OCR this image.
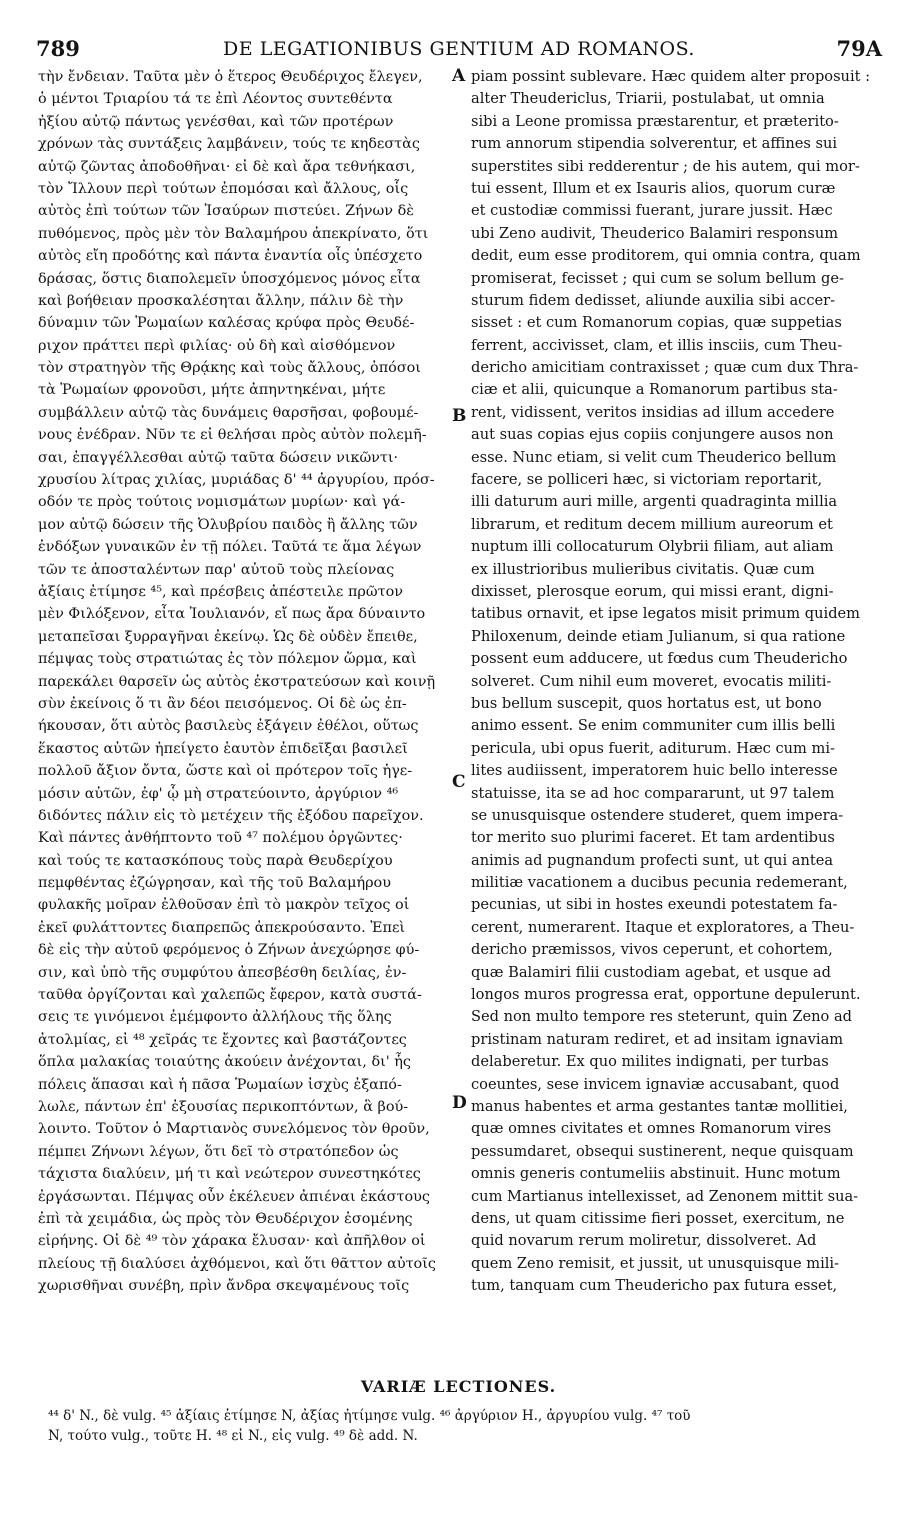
789	DE LEGATIONIBUS GENTIUM AD ROMANOS.	79Α
τὴν ἔνδειαν. Ταῦτα μὲν ὁ ἕτερος Θευδέριχος ἔλεγεν,
ὁ μέντοι Τριαρίου τά τε ἐπὶ Λέοντος συντεθέντα
ἠξίου αὐτῷ πάντως γενέσθαι, καὶ τῶν προτέρων
χρόνων τὰς συντάξεις λαμβάνειν, τούς τε κηδεστὰς
αὐτῷ ζῶντας ἀποδοθῆναι· εἰ δὲ καὶ ἄρα τεθνήκασι,
τὸν Ἴλλουν περὶ τούτων ἐπομόσαι καὶ ἄλλους, οἷς
αὐτὸς ἐπὶ τούτων τῶν Ἰσαύρων πιστεύει. Ζήνων δὲ
πυθόμενος, πρὸς μὲν τὸν Βαλαμήρου ἀπεκρίνατο, ὅτι
αὐτὸς εἴη προδότης καὶ πάντα ἐναντία οἷς ὑπέσχετο
δράσας, ὅστις διαπολεμεῖν ὑποσχόμενος μόνος εἶτα
καὶ βοήθειαν προσκαλέσηται ἄλλην, πάλιν δὲ τὴν
δύναμιν τῶν Ῥωμαίων καλέσας κρύφα πρὸς Θευδέ-
ριχον πράττει περὶ φιλίας· οὐ δὴ καὶ αἰσθόμενον
τὸν στρατηγὸν τῆς Θρᾴκης καὶ τοὺς ἄλλους, ὁπόσοι
τὰ Ῥωμαίων φρονοῦσι, μήτε ἀπηντηκέναι, μήτε
συμβάλλειν αὐτῷ τὰς δυνάμεις θαρσῆσαι, φοβουμέ-
νους ἐνέδραν. Νῦν τε εἰ θελήσαι πρὸς αὐτὸν πολεμῆ-
σαι, ἐπαγγέλλεσθαι αὐτῷ ταῦτα δώσειν νικῶντι·
χρυσίου λίτρας χιλίας, μυριάδας δ' ⁴⁴ ἀργυρίου, πρόσ-
οδόν τε πρὸς τούτοις νομισμάτων μυρίων· καὶ γά-
μον αὐτῷ δώσειν τῆς Ὀλυβρίου παιδὸς ἢ ἄλλης τῶν
ἐνδόξων γυναικῶν ἐν τῇ πόλει. Ταῦτά τε ἅμα λέγων
τῶν τε ἀποσταλέντων παρ' αὐτοῦ τοὺς πλείονας
ἀξίαις ἐτίμησε ⁴⁵, καὶ πρέσβεις ἀπέστειλε πρῶτον
μὲν Φιλόξενον, εἶτα Ἰουλιανόν, εἴ πως ἄρα δύναιντο
μεταπεῖσαι ξυρραγῆναι ἐκείνῳ. Ὡς δὲ οὐδὲν ἔπειθε,
πέμψας τοὺς στρατιώτας ἐς τὸν πόλεμον ὥρμα, καὶ
παρεκάλει θαρσεῖν ὡς αὐτὸς ἐκστρατεύσων καὶ κοινῇ
σὺν ἐκείνοις ὅ τι ἂν δέοι πεισόμενος. Οἱ δὲ ὡς ἐπ-
ήκουσαν, ὅτι αὐτὸς βασιλεὺς ἐξάγειν ἐθέλοι, οὕτως
ἕκαστος αὐτῶν ἠπείγετο ἑαυτὸν ἐπιδεῖξαι βασιλεῖ
πολλοῦ ἄξιον ὄντα, ὥστε καὶ οἱ πρότερον τοῖς ἡγε-
μόσιν αὐτῶν, ἐφ' ᾧ μὴ στρατεύοιντο, ἀργύριον ⁴⁶
διδόντες πάλιν εἰς τὸ μετέχειν τῆς ἐξόδου παρεῖχον.
Καὶ πάντες ἀνθήπτοντο τοῦ ⁴⁷ πολέμου ὀργῶντες·
καὶ τούς τε κατασκόπους τοὺς παρὰ Θευδερίχου
πεμφθέντας ἐζώγρησαν, καὶ τῆς τοῦ Βαλαμήρου
φυλακῆς μοῖραν ἐλθοῦσαν ἐπὶ τὸ μακρὸν τεῖχος οἱ
ἐκεῖ φυλάττοντες διαπρεπῶς ἀπεκρούσαντο. Ἐπεὶ
δὲ εἰς τὴν αὐτοῦ φερόμενος ὁ Ζήνων ἀνεχώρησε φύ-
σιν, καὶ ὑπὸ τῆς συμφύτου ἀπεσβέσθη δειλίας, ἐν-
ταῦθα ὀργίζονται καὶ χαλεπῶς ἔφερον, κατὰ συστά-
σεις τε γινόμενοι ἐμέμφοντο ἀλλήλους τῆς ὅλης
ἀτολμίας, εἰ ⁴⁸ χεῖράς τε ἔχοντες καὶ βαστάζοντες
ὅπλα μαλακίας τοιαύτης ἀκούειν ἀνέχονται, δι' ἧς
πόλεις ἅπασαι καὶ ἡ πᾶσα Ῥωμαίων ἰσχὺς ἐξαπό-
λωλε, πάντων ἐπ' ἐξουσίας περικοπτόντων, ἃ βού-
λοιντο. Τοῦτον ὁ Μαρτιανὸς συνελόμενος τὸν θροῦν,
πέμπει Ζήνωνι λέγων, ὅτι δεῖ τὸ στρατόπεδον ὡς
τάχιστα διαλύειν, μή τι καὶ νεώτερον συνεστηκότες
ἐργάσωνται. Πέμψας οὖν ἐκέλευεν ἀπιέναι ἑκάστους
ἐπὶ τὰ χειμάδια, ὡς πρὸς τὸν Θευδέριχον ἐσομένης
εἰρήνης. Οἱ δὲ ⁴⁹ τὸν χάρακα ἔλυσαν· καὶ ἀπῆλθον οἱ
πλείους τῇ διαλύσει ἀχθόμενοι, καὶ ὅτι θᾶττον αὐτοῖς
χωρισθῆναι συνέβη, πρὶν ἄνδρα σκεψαμένους τοῖς
piam possint sublevare. Hæc quidem alter proposuit :
alter Theudericlus, Triarii, postulabat, ut omnia
sibi a Leone promissa præstarentur, et præterito-
rum annorum stipendia solverentur, et affines sui
superstites sibi redderentur ; de his autem, qui mor-
tui essent, Illum et ex Isauris alios, quorum curæ
et custodiæ commissi fuerant, jurare jussit. Hæc
ubi Zeno audivit, Theuderico Balamiri responsum
dedit, eum esse proditorem, qui omnia contra, quam
promiserat, fecisset ; qui cum se solum bellum ge-
sturum fidem dedisset, aliunde auxilia sibi accer-
sisset : et cum Romanorum copias, quæ suppetias
ferrent, accivisset, clam, et illis insciis, cum Theu-
dericho amicitiam contraxisset ; quæ cum dux Thra-
ciæ et alii, quicunque a Romanorum partibus sta-
rent, vidissent, veritos insidias ad illum accedere
aut suas copias ejus copiis conjungere ausos non
esse. Nunc etiam, si velit cum Theuderico bellum
facere, se polliceri hæc, si victoriam reportarit,
illi daturum auri mille, argenti quadraginta millia
librarum, et reditum decem millium aureorum et
nuptum illi collocaturum Olybrii filiam, aut aliam
ex illustrioribus mulieribus civitatis. Quæ cum
dixisset, plerosque eorum, qui missi erant, digni-
tatibus ornavit, et ipse legatos misit primum quidem
Philoxenum, deinde etiam Julianum, si qua ratione
possent eum adducere, ut fœdus cum Theudericho
solveret. Cum nihil eum moveret, evocatis militi-
bus bellum suscepit, quos hortatus est, ut bono
animo essent. Se enim communiter cum illis belli
pericula, ubi opus fuerit, aditurum. Hæc cum mi-
lites audiissent, imperatorem huic bello interesse
statuisse, ita se ad hoc compararunt, ut 97 talem
se unusquisque ostendere studeret, quem impera-
tor merito suo plurimi faceret. Et tam ardentibus
animis ad pugnandum profecti sunt, ut qui antea
militiæ vacationem a ducibus pecunia redemerant,
pecunias, ut sibi in hostes exeundi potestatem fa-
cerent, numerarent. Itaque et exploratores, a Theu-
dericho præmissos, vivos ceperunt, et cohortem,
quæ Balamiri filii custodiam agebat, et usque ad
longos muros progressa erat, opportune depulerunt.
Sed non multo tempore res steterunt, quin Zeno ad
pristinam naturam rediret, et ad insitam ignaviam
delaberetur. Ex quo milites indignati, per turbas
coeuntes, sese invicem ignaviæ accusabant, quod
manus habentes et arma gestantes tantæ mollitiei,
quæ omnes civitates et omnes Romanorum vires
pessumdaret, obsequi sustinerent, neque quisquam
omnis generis contumeliis abstinuit. Hunc motum
cum Martianus intellexisset, ad Zenonem mittit sua-
dens, ut quam citissime fieri posset, exercitum, ne
quid novarum rerum moliretur, dissolveret. Ad
quem Zeno remisit, et jussit, ut unusquisque mili-
tum, tanquam cum Theudericho pax futura esset,
A
B
C
D
VARIÆ LECTIONES.
⁴⁴ δ' N., δὲ vulg. ⁴⁵ ἀξίαις ἐτίμησε N, ἀξίας ἠτίμησε vulg. ⁴⁶ ἀργύριον H., ἀργυρίου vulg. ⁴⁷ τοῦ
N, τούτο vulg., τοῦτε H. ⁴⁸ εἰ N., εἰς vulg. ⁴⁹ δὲ add. N.
